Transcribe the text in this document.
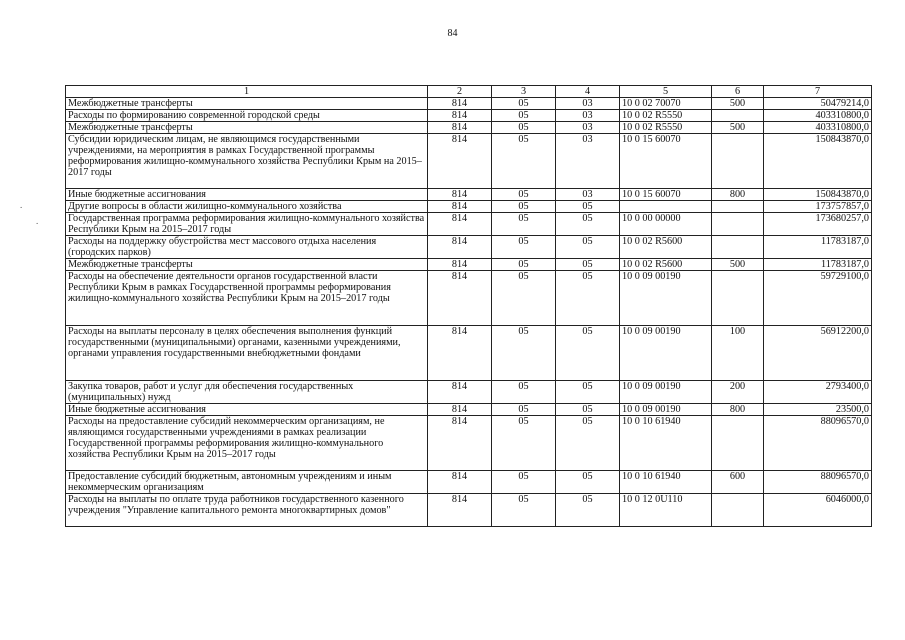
84
.
.
1	2	3	4	5	6	7
Межбюджетные трансферты	814	05	03	10 0 02 70070	500	50479214,0
Расходы по формированию современной городской среды	814	05	03	10 0 02 R5550		403310800,0
Межбюджетные трансферты	814	05	03	10 0 02 R5550	500	403310800,0
Субсидии юридическим лицам, не являющимся государственными учреждениями, на мероприятия в рамках Государственной программы реформирования жилищно-коммунального хозяйства Республики Крым на 2015–2017 годы	814	05	03	10 0 15 60070		150843870,0
Иные бюджетные ассигнования	814	05	03	10 0 15 60070	800	150843870,0
Другие вопросы в области жилищно-коммунального хозяйства	814	05	05			173757857,0
Государственная программа реформирования жилищно-коммунального хозяйства Республики Крым на 2015–2017 годы	814	05	05	10 0 00 00000		173680257,0
Расходы на поддержку обустройства мест массового отдыха населения (городских парков)	814	05	05	10 0 02 R5600		11783187,0
Межбюджетные трансферты	814	05	05	10 0 02 R5600	500	11783187,0
Расходы на обеспечение деятельности органов государственной власти Республики Крым в рамках Государственной программы реформирования жилищно-коммунального хозяйства Республики Крым на 2015–2017 годы	814	05	05	10 0 09 00190		59729100,0
Расходы на выплаты персоналу в целях обеспечения выполнения функций государственными (муниципальными) органами, казенными учреждениями, органами управления государственными внебюджетными фондами	814	05	05	10 0 09 00190	100	56912200,0
Закупка товаров, работ и услуг для обеспечения государственных (муниципальных) нужд	814	05	05	10 0 09 00190	200	2793400,0
Иные бюджетные ассигнования	814	05	05	10 0 09 00190	800	23500,0
Расходы на предоставление субсидий некоммерческим организациям, не являющимся государственными учреждениями в рамках реализации Государственной программы реформирования жилищно-коммунального хозяйства Республики Крым на 2015–2017 годы	814	05	05	10 0 10 61940		88096570,0
Предоставление субсидий бюджетным, автономным учреждениям и иным некоммерческим организациям	814	05	05	10 0 10 61940	600	88096570,0
Расходы на выплаты по оплате труда работников государственного казенного учреждения "Управление капитального ремонта многоквартирных домов"	814	05	05	10 0 12 0U110		6046000,0
